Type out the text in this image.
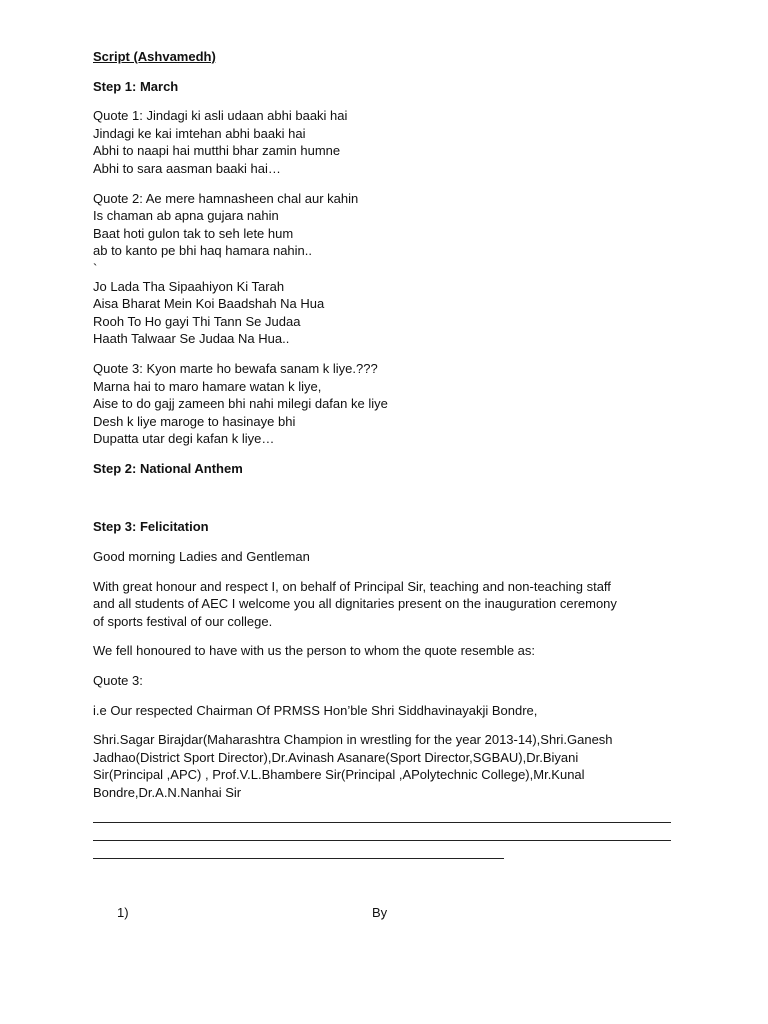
Script (Ashvamedh)
Step 1: March
Quote 1: Jindagi ki asli udaan abhi baaki hai
Jindagi ke kai imtehan abhi baaki hai
Abhi to naapi hai mutthi bhar zamin humne
Abhi to sara aasman baaki hai…
Quote 2: Ae mere hamnasheen chal aur kahin
Is chaman ab apna gujara nahin
Baat hoti gulon tak to seh lete hum
ab to kanto pe bhi haq hamara nahin..
`
Jo Lada Tha Sipaahiyon Ki Tarah
Aisa Bharat Mein Koi Baadshah Na Hua
Rooh To Ho gayi Thi Tann Se Judaa
Haath Talwaar Se Judaa Na Hua..
Quote 3: Kyon marte ho bewafa sanam k liye.???
Marna hai to maro hamare watan k liye,
Aise to do gajj zameen bhi nahi milegi dafan ke liye
Desh k liye maroge to hasinaye bhi
Dupatta utar degi kafan k liye…
Step 2: National Anthem
Step 3: Felicitation
Good morning Ladies and Gentleman
With great honour and respect I, on behalf of Principal Sir, teaching and non-teaching staff
and all students of AEC I welcome you all dignitaries present on the inauguration ceremony
of sports festival of our college.
We fell honoured to have with us the person to whom the quote resemble as:
Quote 3:
i.e Our respected Chairman Of PRMSS Hon’ble Shri Siddhavinayakji Bondre,
Shri.Sagar Birajdar(Maharashtra Champion in wrestling for the year 2013-14),Shri.Ganesh
Jadhao(District Sport Director),Dr.Avinash Asanare(Sport Director,SGBAU),Dr.Biyani
Sir(Principal ,APC) , Prof.V.L.Bhambere Sir(Principal ,APolytechnic College),Mr.Kunal
Bondre,Dr.A.N.Nanhai Sir
1)	By
